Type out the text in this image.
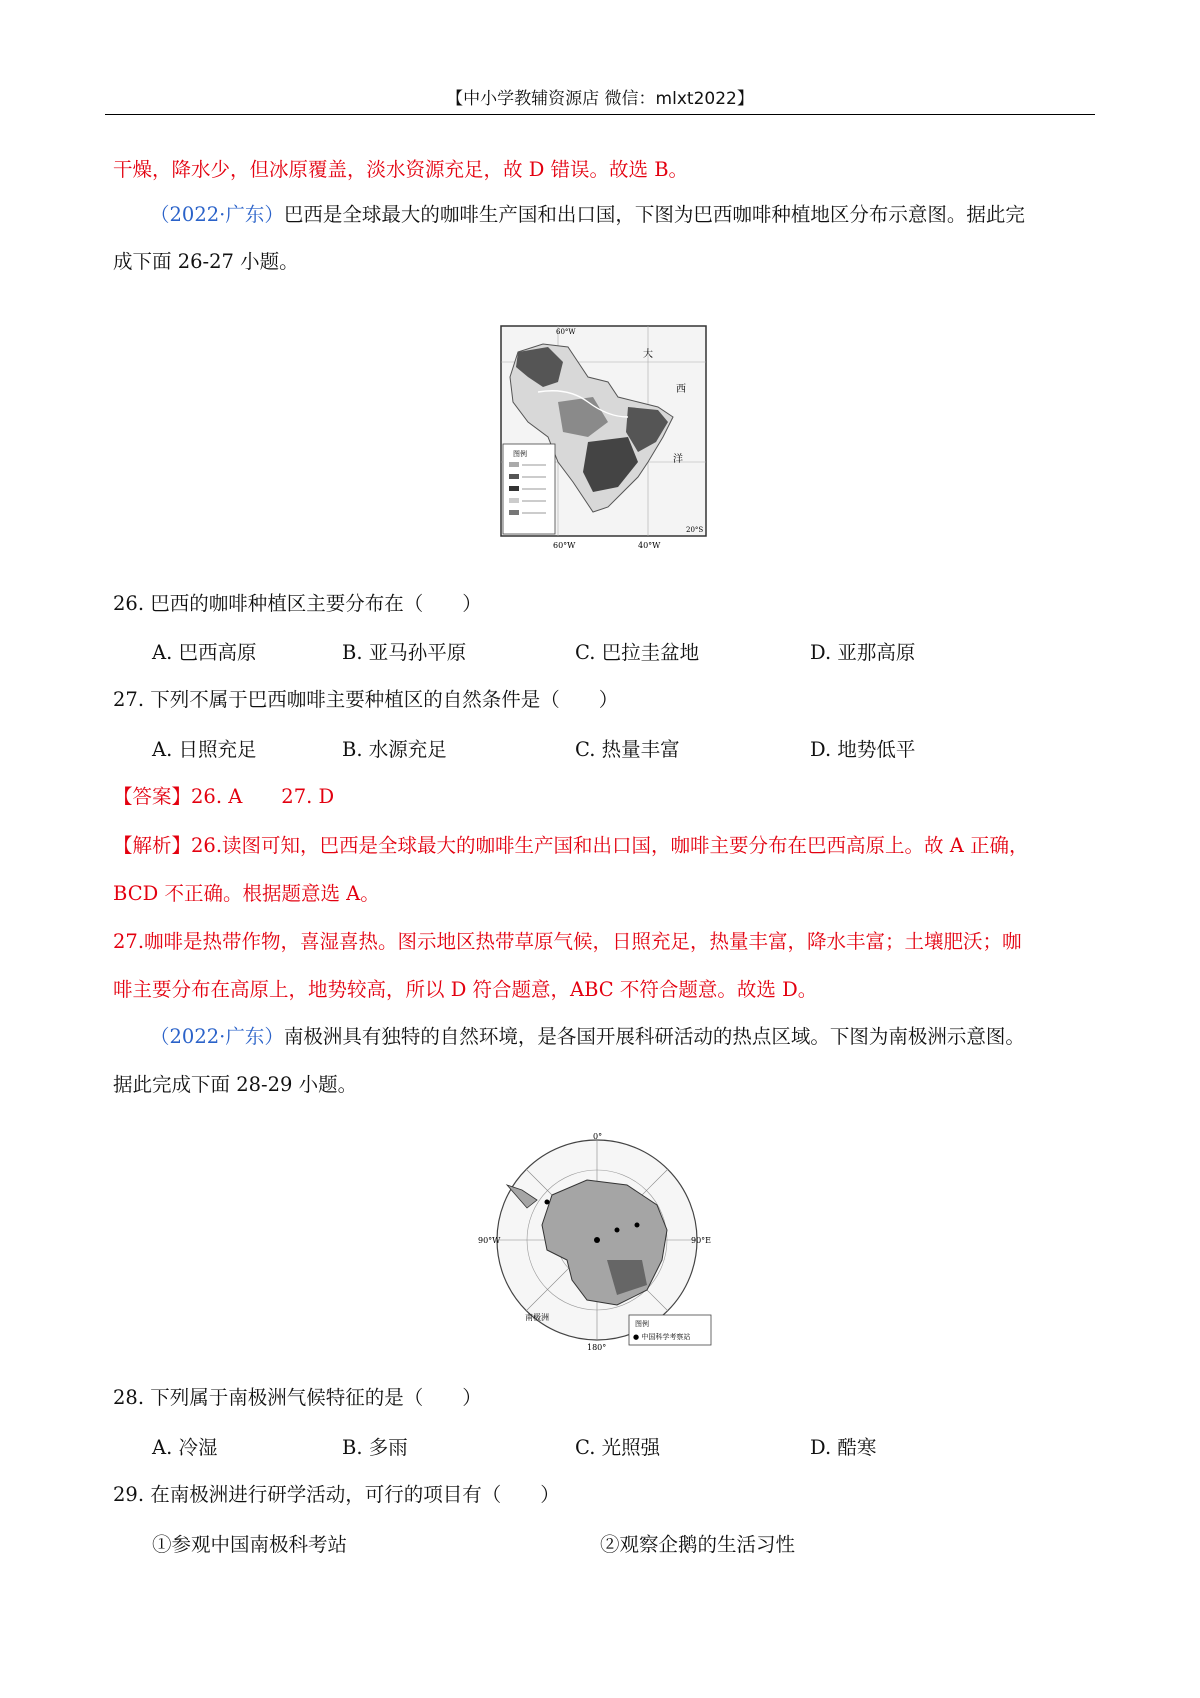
【中小学教辅资源店 微信：mlxt2022】
干燥，降水少，但冰原覆盖，淡水资源充足，故 D 错误。故选 B。
（2022·广东）巴西是全球最大的咖啡生产国和出口国，下图为巴西咖啡种植地区分布示意图。据此完
成下面 26-27 小题。
图例
大
西
洋
60°W	40°W
60°W
20°S
26. 巴西的咖啡种植区主要分布在（　　）
A. 巴西高原	B. 亚马孙平原	C. 巴拉圭盆地	D. 亚那高原
27. 下列不属于巴西咖啡主要种植区的自然条件是（　　）
A. 日照充足	B. 水源充足	C. 热量丰富	D. 地势低平
【答案】26. A　　27. D
【解析】26.读图可知，巴西是全球最大的咖啡生产国和出口国，咖啡主要分布在巴西高原上。故 A 正确，
BCD 不正确。根据题意选 A。
27.咖啡是热带作物，喜湿喜热。图示地区热带草原气候，日照充足，热量丰富，降水丰富；土壤肥沃；咖
啡主要分布在高原上，地势较高，所以 D 符合题意，ABC 不符合题意。故选 D。
（2022·广东）南极洲具有独特的自然环境，是各国开展科研活动的热点区域。下图为南极洲示意图。
据此完成下面 28-29 小题。
图例
● 中国科学考察站
0°
90°W	90°E
180°
南极洲
28. 下列属于南极洲气候特征的是（　　）
A. 冷湿	B. 多雨	C. 光照强	D. 酷寒
29. 在南极洲进行研学活动，可行的项目有（　　）
①参观中国南极科考站	②观察企鹅的生活习性
